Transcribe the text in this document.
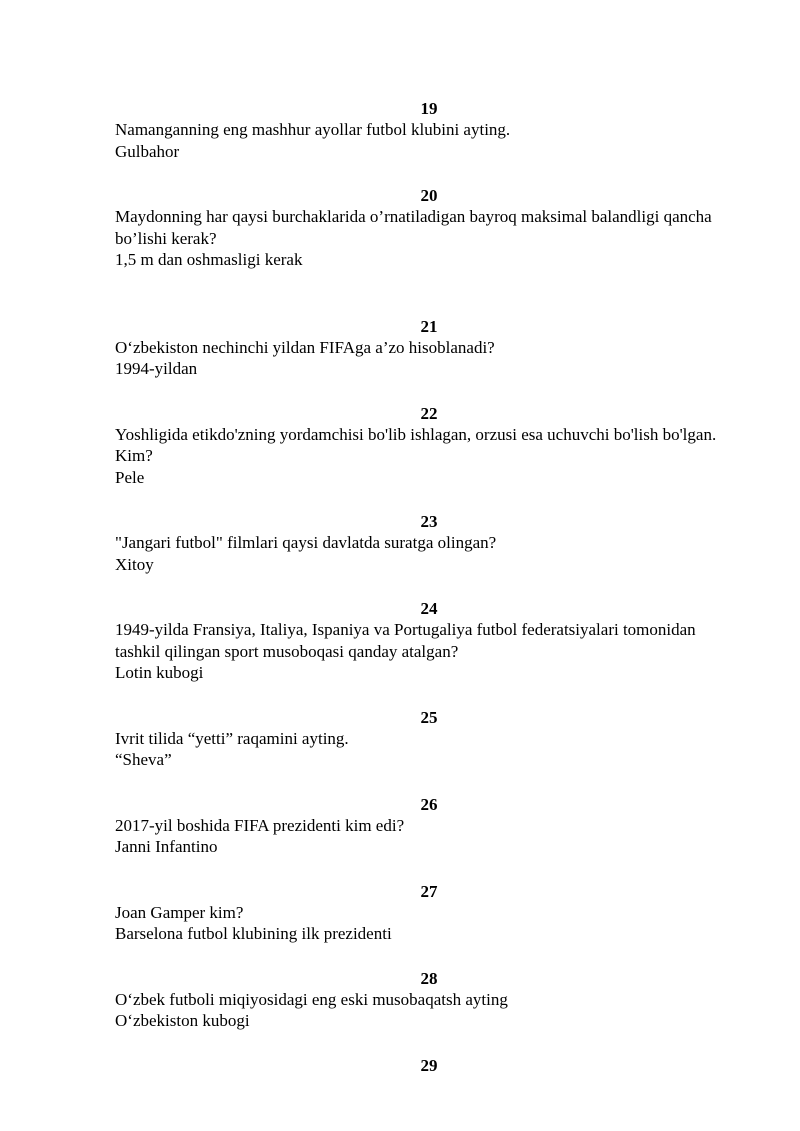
19

Namanganning eng mashhur ayollar futbol klubini ayting.

Gulbahor

20

Maydonning har qaysi burchaklarida o’rnatiladigan bayroq maksimal balandligi qancha bo’lishi kerak?

1,5 m dan oshmasligi kerak

21

O‘zbekiston nechinchi yildan FIFAga a’zo hisoblanadi?

1994-yildan

22

Yoshligida etikdo'zning yordamchisi bo'lib ishlagan, orzusi esa uchuvchi bo'lish bo'lgan. Kim?

Pele

23

"Jangari futbol" filmlari qaysi davlatda suratga olingan?

Xitoy

24

1949-yilda Fransiya, Italiya, Ispaniya va Portugaliya futbol federatsiyalari tomonidan tashkil qilingan sport musoboqasi qanday atalgan?

Lotin kubogi

25

Ivrit tilida “yetti” raqamini ayting.

“Sheva”

26

2017-yil boshida FIFA prezidenti kim edi?

Janni Infantino

27

Joan Gamper kim?

Barselona futbol klubining ilk prezidenti

28

O‘zbek futboli miqiyosidagi eng eski musobaqatsh ayting

O‘zbekiston kubogi

29
